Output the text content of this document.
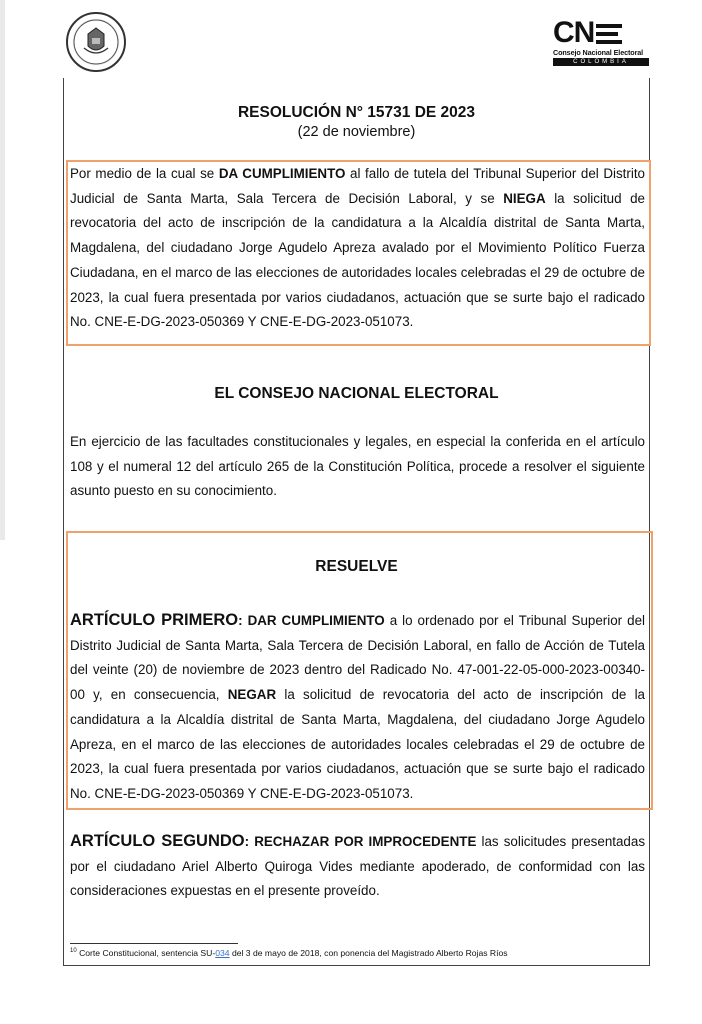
CN
Consejo Nacional Electoral
COLOMBIA
RESOLUCIÓN N° 15731 DE 2023
(22 de noviembre)
Por medio de la cual se DA CUMPLIMIENTO al fallo de tutela del Tribunal Superior del Distrito Judicial de Santa Marta, Sala Tercera de Decisión Laboral, y se NIEGA la solicitud de revocatoria del acto de inscripción de la candidatura a la Alcaldía distrital de Santa Marta, Magdalena, del ciudadano Jorge Agudelo Apreza avalado por el Movimiento Político Fuerza Ciudadana, en el marco de las elecciones de autoridades locales celebradas el 29 de octubre de 2023, la cual fuera presentada por varios ciudadanos, actuación que se surte bajo el radicado No. CNE-E-DG-2023-050369 Y CNE-E-DG-2023-051073.
EL CONSEJO NACIONAL ELECTORAL
En ejercicio de las facultades constitucionales y legales, en especial la conferida en el artículo 108 y el numeral 12 del artículo 265 de la Constitución Política, procede a resolver el siguiente asunto puesto en su conocimiento.
RESUELVE
ARTÍCULO PRIMERO: DAR CUMPLIMIENTO a lo ordenado por el Tribunal Superior del Distrito Judicial de Santa Marta, Sala Tercera de Decisión Laboral, en fallo de Acción de Tutela del veinte (20) de noviembre de 2023 dentro del Radicado No. 47-001-22-05-000-2023-00340-00 y, en consecuencia, NEGAR la solicitud de revocatoria del acto de inscripción de la candidatura a la Alcaldía distrital de Santa Marta, Magdalena, del ciudadano Jorge Agudelo Apreza, en el marco de las elecciones de autoridades locales celebradas el 29 de octubre de 2023, la cual fuera presentada por varios ciudadanos, actuación que se surte bajo el radicado No. CNE-E-DG-2023-050369 Y CNE-E-DG-2023-051073.
ARTÍCULO SEGUNDO: RECHAZAR POR IMPROCEDENTE las solicitudes presentadas por el ciudadano Ariel Alberto Quiroga Vides mediante apoderado, de conformidad con las consideraciones expuestas en el presente proveído.
$^{10}$ Corte Constitucional, sentencia SU-034 del 3 de mayo de 2018, con ponencia del Magistrado Alberto Rojas Ríos
